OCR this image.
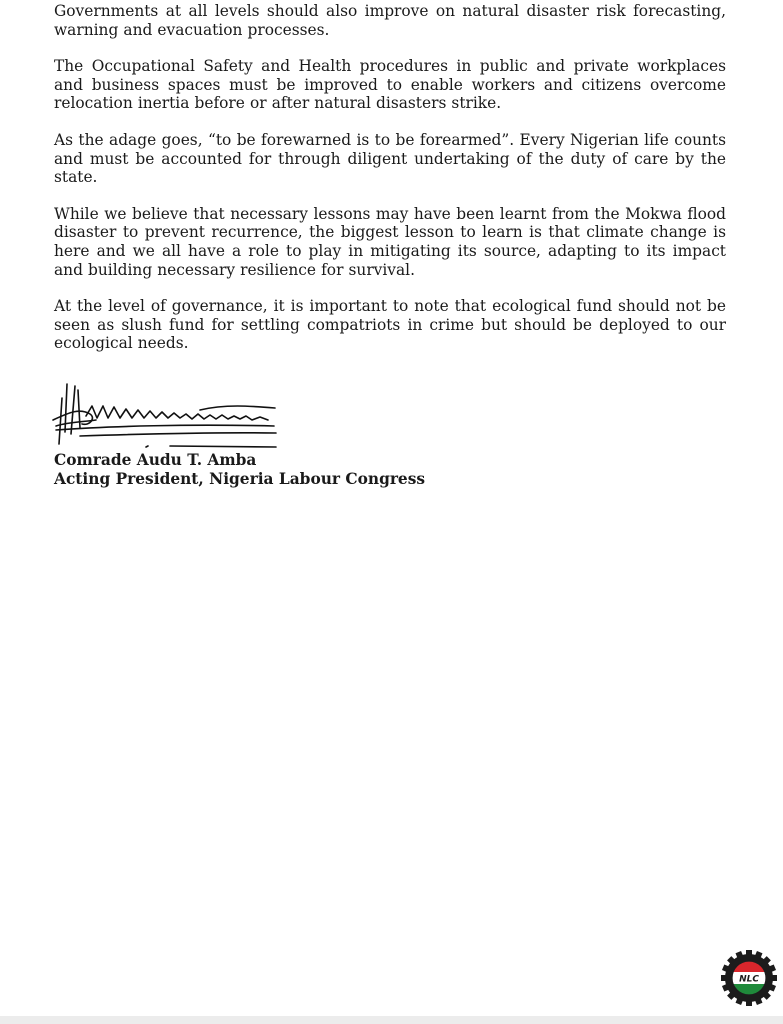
Governments at all levels should also improve on natural disaster risk forecasting, warning and evacuation processes.

The Occupational Safety and Health procedures in public and private workplaces and business spaces must be improved to enable workers and citizens overcome relocation inertia before or after natural disasters strike.

As the adage goes, “to be forewarned is to be forearmed”. Every Nigerian life counts and must be accounted for through diligent undertaking of the duty of care by the state.

While we believe that necessary lessons may have been learnt from the Mokwa flood disaster to prevent recurrence, the biggest lesson to learn is that climate change is here and we all have a role to play in mitigating its source, adapting to its impact and building necessary resilience for survival.

At the level of governance, it is important to note that ecological fund should not be seen as slush fund for settling compatriots in crime but should be deployed to our ecological needs.

Comrade Audu T. Amba

Acting President, Nigeria Labour Congress

NLC
